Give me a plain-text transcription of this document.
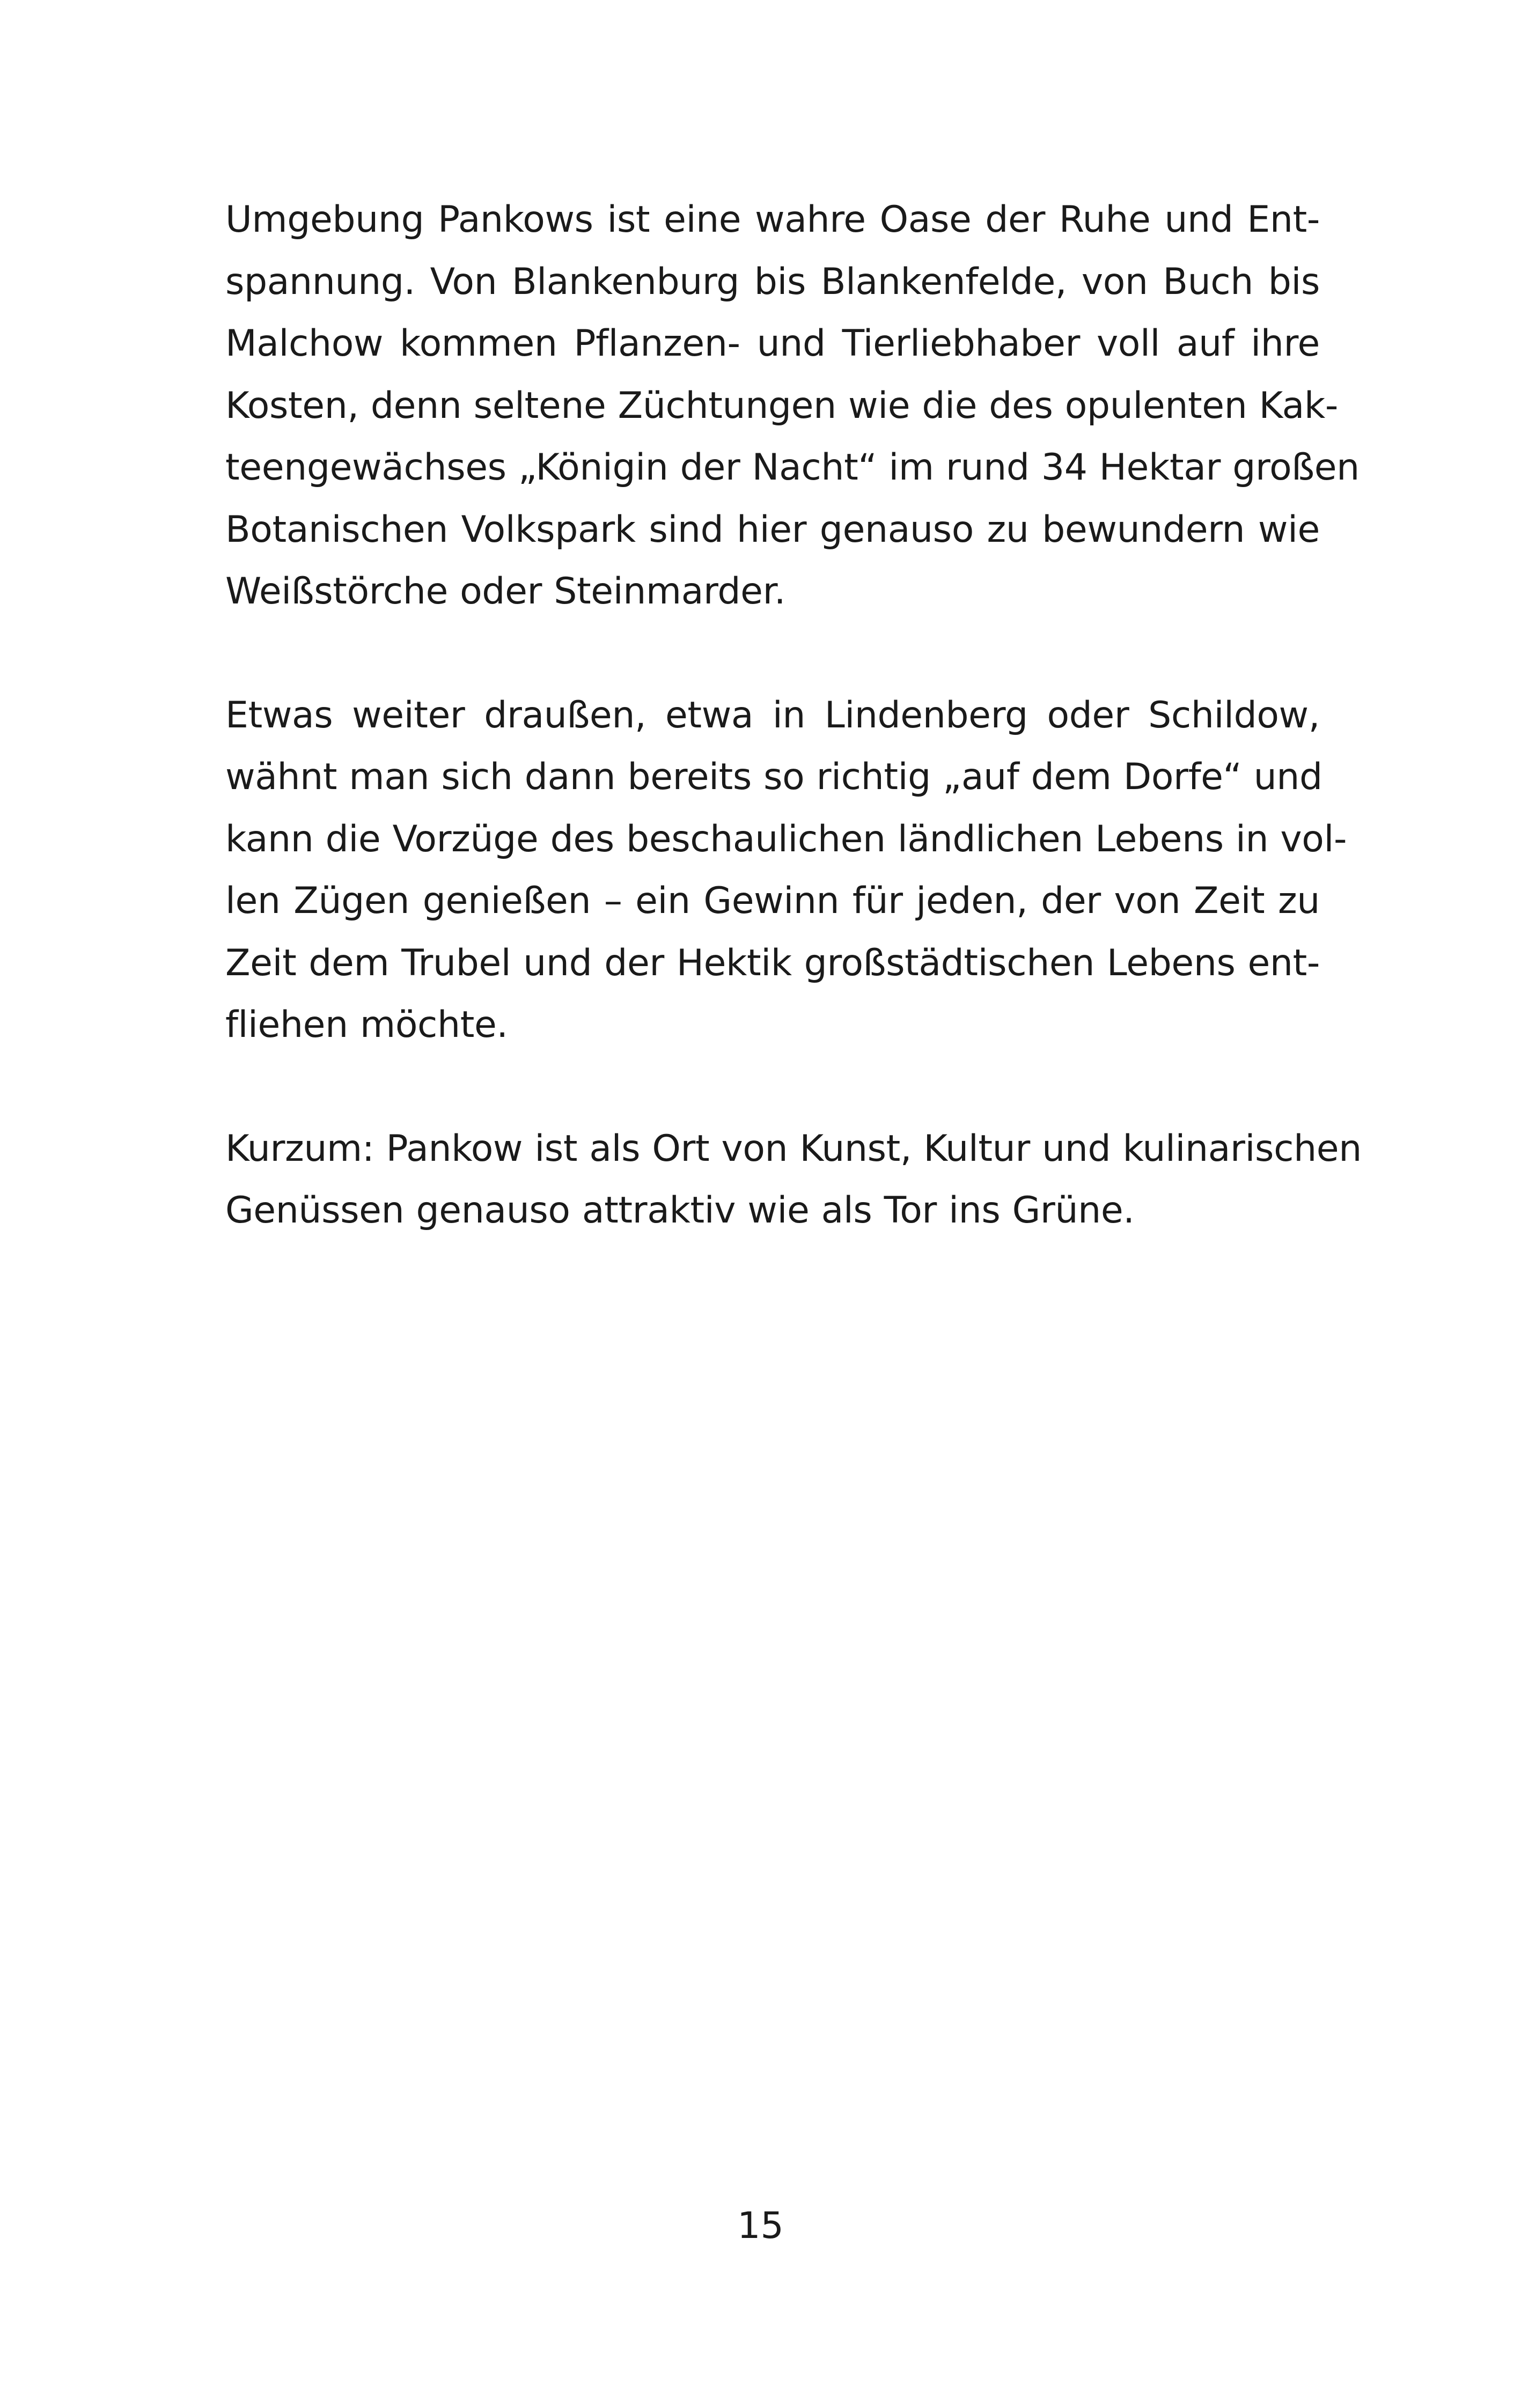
Umgebung Pankows ist eine wahre Oase der Ruhe und Ent-
spannung. Von Blankenburg bis Blankenfelde, von Buch bis
Malchow kommen Pflanzen- und Tierliebhaber voll auf ihre
Kosten, denn seltene Züchtungen wie die des opulenten Kak-
teengewächses „Königin der Nacht“ im rund 34 Hektar großen
Botanischen Volkspark sind hier genauso zu bewundern wie
Weißstörche oder Steinmarder.

Etwas weiter draußen, etwa in Lindenberg oder Schildow,
wähnt man sich dann bereits so richtig „auf dem Dorfe“ und
kann die Vorzüge des beschaulichen ländlichen Lebens in vol-
len Zügen genießen – ein Gewinn für jeden, der von Zeit zu
Zeit dem Trubel und der Hektik großstädtischen Lebens ent-
fliehen möchte.

Kurzum: Pankow ist als Ort von Kunst, Kultur und kulinarischen
Genüssen genauso attraktiv wie als Tor ins Grüne.

15
